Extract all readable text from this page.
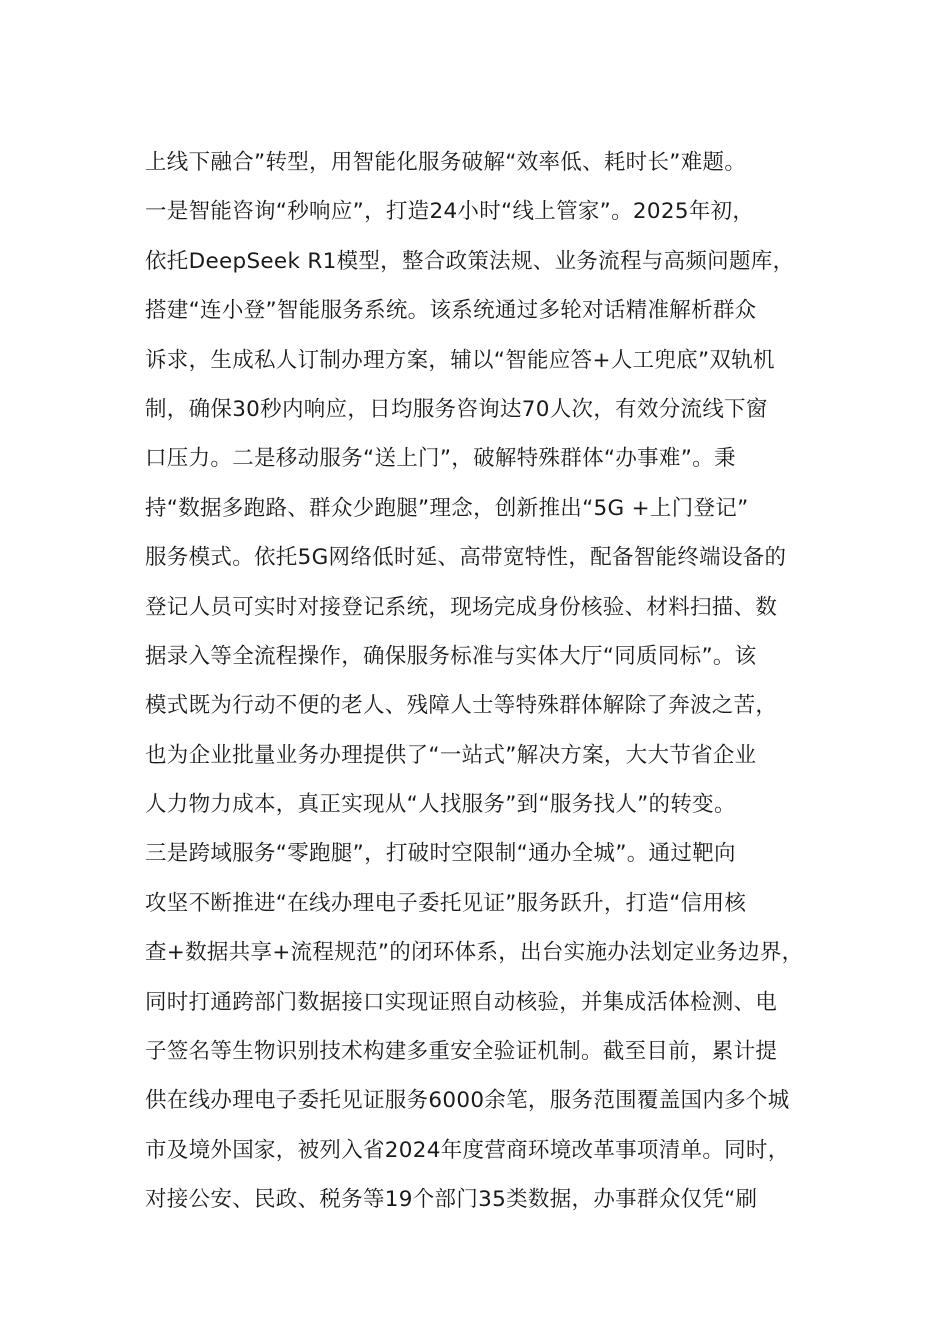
上线下融合”转型，用智能化服务破解“效率低、耗时长”难题。
一是智能咨询“秒响应”，打造24小时“线上管家”。2025年初，
依托DeepSeek R1模型，整合政策法规、业务流程与高频问题库，
搭建“连小登”智能服务系统。该系统通过多轮对话精准解析群众
诉求，生成私人订制办理方案，辅以“智能应答+人工兜底”双轨机
制，确保30秒内响应，日均服务咨询达70人次，有效分流线下窗
口压力。二是移动服务“送上门”，破解特殊群体“办事难”。秉
持“数据多跑路、群众少跑腿”理念，创新推出“5G +上门登记”
服务模式。依托5G网络低时延、高带宽特性，配备智能终端设备的
登记人员可实时对接登记系统，现场完成身份核验、材料扫描、数
据录入等全流程操作，确保服务标准与实体大厅“同质同标”。该
模式既为行动不便的老人、残障人士等特殊群体解除了奔波之苦，
也为企业批量业务办理提供了“一站式”解决方案，大大节省企业
人力物力成本，真正实现从“人找服务”到“服务找人”的转变。
三是跨域服务“零跑腿”，打破时空限制“通办全城”。通过靶向
攻坚不断推进“在线办理电子委托见证”服务跃升，打造“信用核
查+数据共享+流程规范”的闭环体系，出台实施办法划定业务边界，
同时打通跨部门数据接口实现证照自动核验，并集成活体检测、电
子签名等生物识别技术构建多重安全验证机制。截至目前，累计提
供在线办理电子委托见证服务6000余笔，服务范围覆盖国内多个城
市及境外国家，被列入省2024年度营商环境改革事项清单。同时，
对接公安、民政、税务等19个部门35类数据，办事群众仅凭“刷
